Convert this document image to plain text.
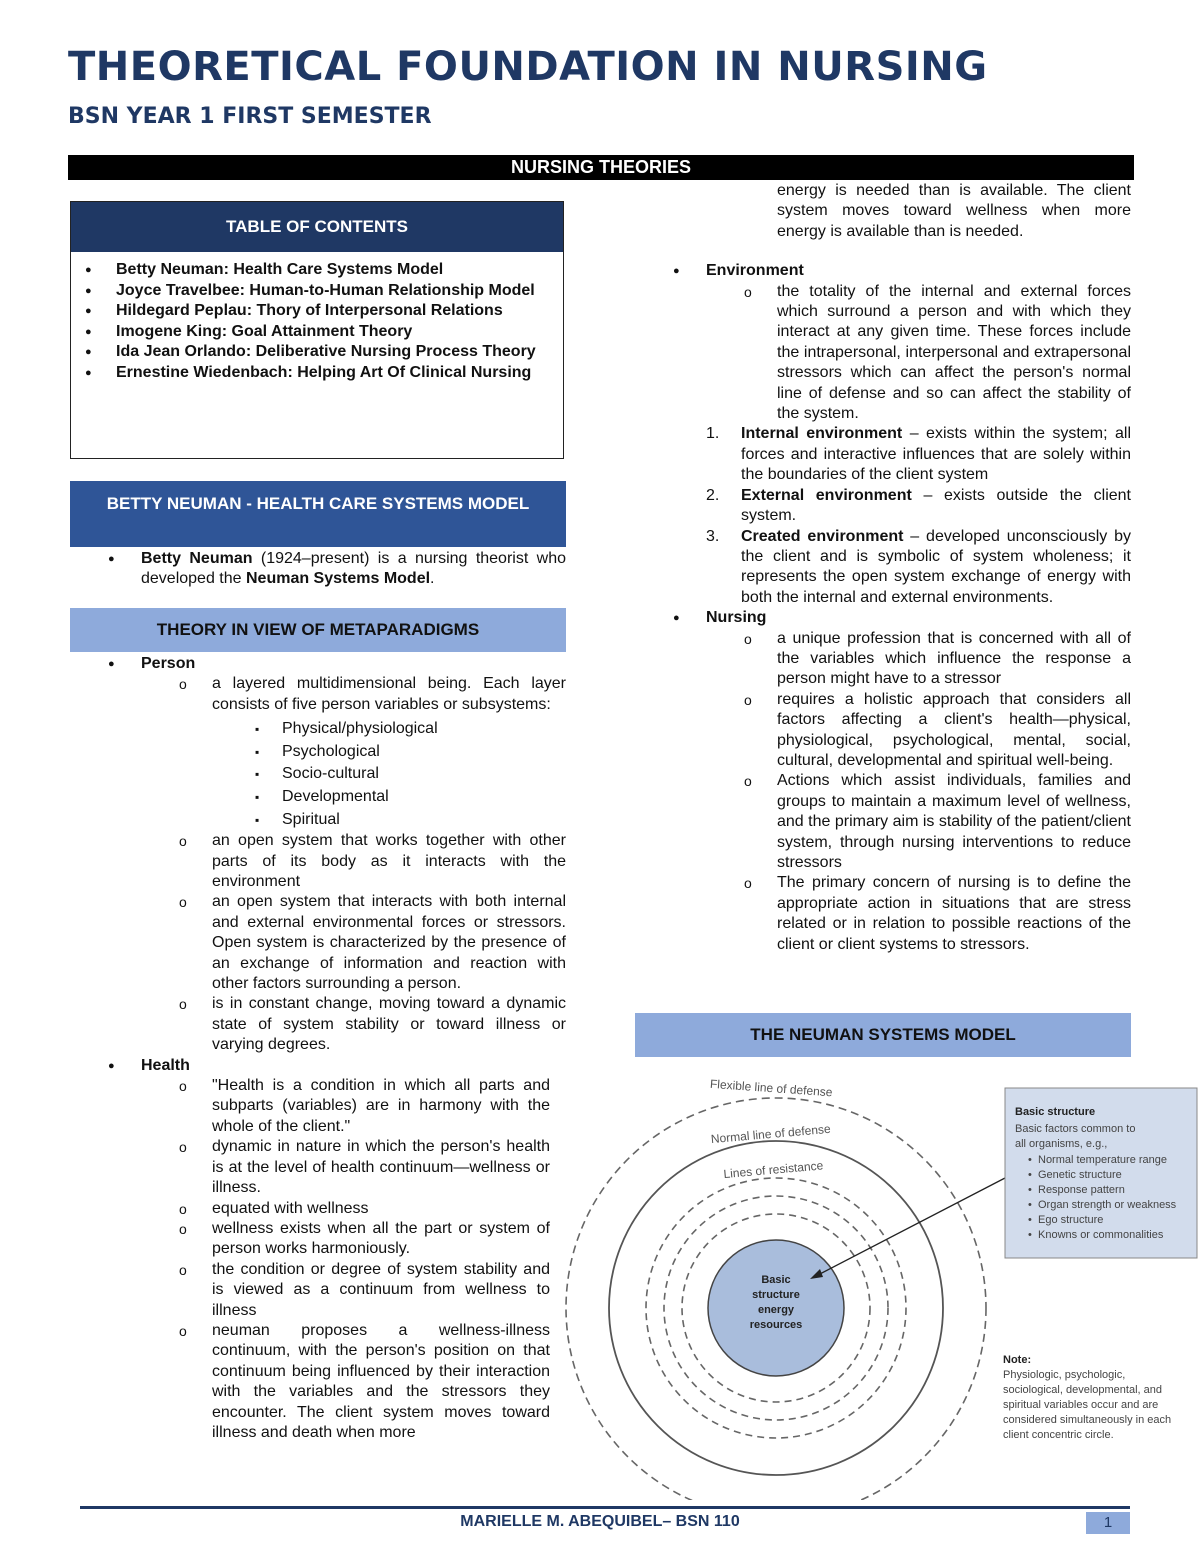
THEORETICAL FOUNDATION IN NURSING
BSN YEAR 1 FIRST SEMESTER
NURSING THEORIES
TABLE OF CONTENTS
● Betty Neuman: Health Care Systems Model
● Joyce Travelbee: Human-to-Human Relationship Model
● Hildegard Peplau: Thory of Interpersonal Relations
● Imogene King: Goal Attainment Theory
● Ida Jean Orlando: Deliberative Nursing Process Theory
● Ernestine Wiedenbach: Helping Art Of Clinical Nursing
BETTY NEUMAN - HEALTH CARE SYSTEMS MODEL
● Betty Neuman (1924–present) is a nursing theorist who developed the Neuman Systems Model.
THEORY IN VIEW OF METAPARADIGMS
● Person
o a layered multidimensional being. Each layer consists of five person variables or subsystems:
▪ Physical/physiological
▪ Psychological
▪ Socio-cultural
▪ Developmental
▪ Spiritual
o an open system that works together with other parts of its body as it interacts with the environment
o an open system that interacts with both internal and external environmental forces or stressors. Open system is characterized by the presence of an exchange of information and reaction with other factors surrounding a person.
o is in constant change, moving toward a dynamic state of system stability or toward illness or varying degrees.
● Health
o "Health is a condition in which all parts and subparts (variables) are in harmony with the whole of the client."
o dynamic in nature in which the person's health is at the level of health continuum—wellness or illness.
o equated with wellness
o wellness exists when all the part or system of person works harmoniously.
o the condition or degree of system stability and is viewed as a continuum from wellness to illness
o neuman proposes a wellness-illness continuum, with the person's position on that continuum being influenced by their interaction with the variables and the stressors they encounter. The client system moves toward illness and death when more
energy is needed than is available. The client system moves toward wellness when more energy is available than is needed.
● Environment
o the totality of the internal and external forces which surround a person and with which they interact at any given time. These forces include the intrapersonal, interpersonal and extrapersonal stressors which can affect the person's normal line of defense and so can affect the stability of the system.
1. Internal environment – exists within the system; all forces and interactive influences that are solely within the boundaries of the client system
2. External environment – exists outside the client system.
3. Created environment – developed unconsciously by the client and is symbolic of system wholeness; it represents the open system exchange of energy with both the internal and external environments.
● Nursing
o a unique profession that is concerned with all of the variables which influence the response a person might have to a stressor
o requires a holistic approach that considers all factors affecting a client's health—physical, physiological, psychological, mental, social, cultural, developmental and spiritual well-being.
o Actions which assist individuals, families and groups to maintain a maximum level of wellness, and the primary aim is stability of the patient/client system, through nursing interventions to reduce stressors
o The primary concern of nursing is to define the appropriate action in situations that are stress related or in relation to possible reactions of the client or client systems to stressors.
THE NEUMAN SYSTEMS MODEL
Flexible line of defense
Normal line of defense
Lines of resistance
Basic
structure
energy
resources
Basic structure
Basic factors common to
all organisms, e.g.,
• Normal temperature range
• Genetic structure
• Response pattern
• Organ strength or weakness
• Ego structure
• Knowns or commonalities
Note:
Physiologic, psychologic,
sociological, developmental, and
spiritual variables occur and are
considered simultaneously in each
client concentric circle.
MARIELLE M. ABEQUIBEL– BSN 110	1
